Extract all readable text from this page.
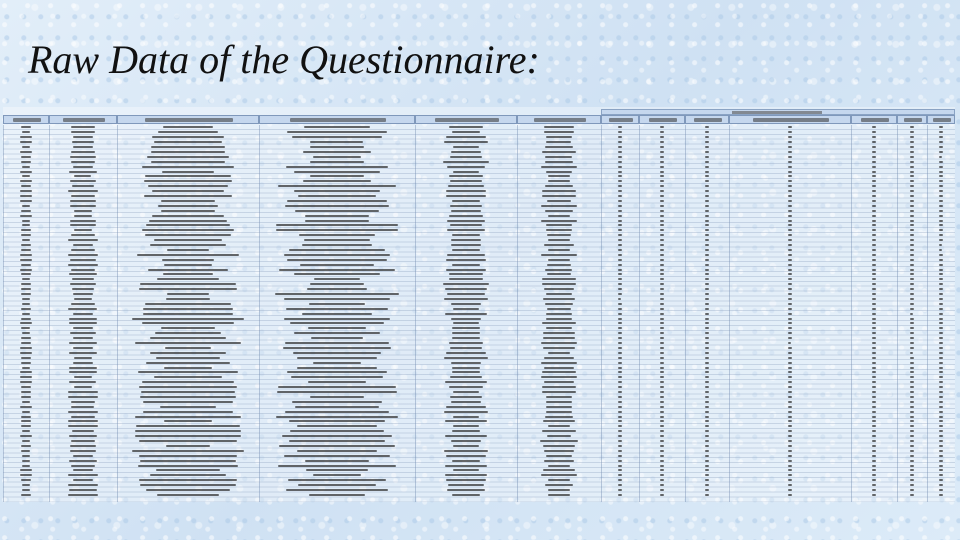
Raw Data of the Questionnaire:
